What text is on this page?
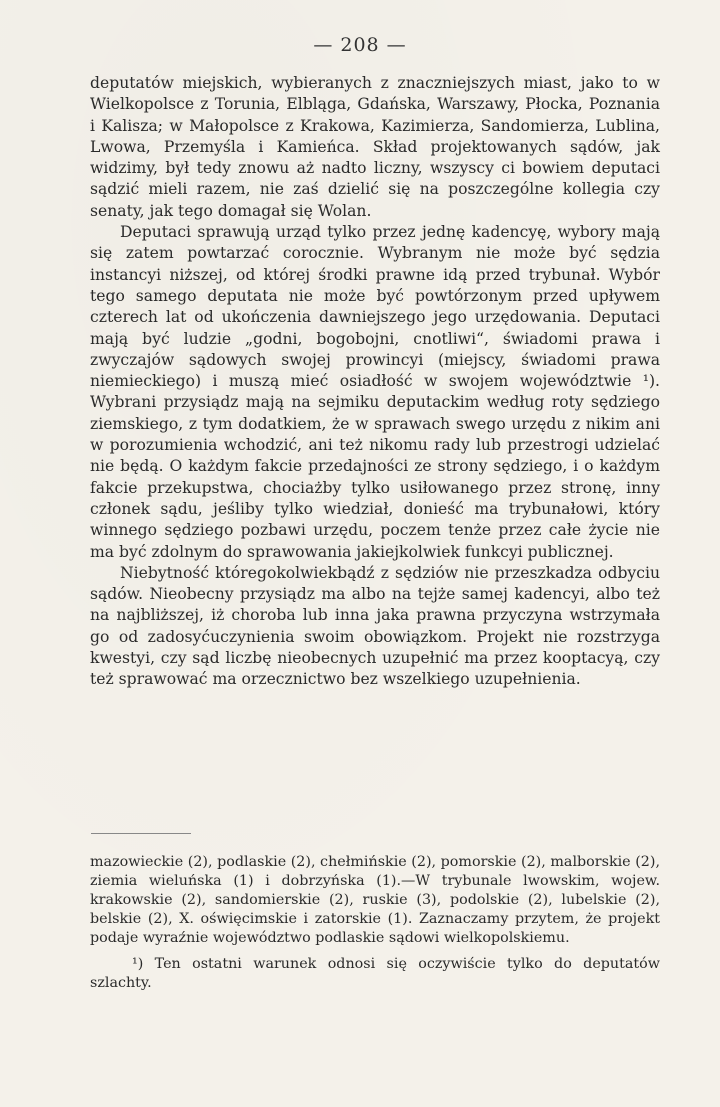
— 208 —

deputatów miejskich, wybieranych z znaczniejszych miast, jako to w Wielkopolsce z Torunia, Elbląga, Gdańska, Warszawy, Płocka, Poznania i Kalisza; w Małopolsce z Krakowa, Kazimierza, Sandomierza, Lublina, Lwowa, Przemyśla i Kamieńca. Skład projektowanych sądów, jak widzimy, był tedy znowu aż nadto liczny, wszyscy ci bowiem deputaci sądzić mieli razem, nie zaś dzielić się na poszczególne kollegia czy senaty, jak tego domagał się Wolan.

Deputaci sprawują urząd tylko przez jednę kadencyę, wybory mają się zatem powtarzać corocznie. Wybranym nie może być sędzia instancyi niższej, od której środki prawne idą przed trybunał. Wybór tego samego deputata nie może być powtórzonym przed upływem czterech lat od ukończenia dawniejszego jego urzędowania. Deputaci mają być ludzie „godni, bogobojni, cnotliwi“, świadomi prawa i zwyczajów sądowych swojej prowincyi (miejscy, świadomi prawa niemieckiego) i muszą mieć osiadłość w swojem województwie ¹). Wybrani przysiądz mają na sejmiku deputackim według roty sędziego ziemskiego, z tym dodatkiem, że w sprawach swego urzędu z nikim ani w porozumienia wchodzić, ani też nikomu rady lub przestrogi udzielać nie będą. O każdym fakcie przedajności ze strony sędziego, i o każdym fakcie przekupstwa, chociażby tylko usiłowanego przez stronę, inny członek sądu, jeśliby tylko wiedział, donieść ma trybunałowi, który winnego sędziego pozbawi urzędu, poczem tenże przez całe życie nie ma być zdolnym do sprawowania jakiejkolwiek funkcyi publicznej.

Niebytność któregokolwiekbądź z sędziów nie przeszkadza odbyciu sądów. Nieobecny przysiądz ma albo na tejże samej kadencyi, albo też na najbliższej, iż choroba lub inna jaka prawna przyczyna wstrzymała go od zadosyćuczynienia swoim obowiązkom. Projekt nie rozstrzyga kwestyi, czy sąd liczbę nieobecnych uzupełnić ma przez kooptacyą, czy też sprawować ma orzecznictwo bez wszelkiego uzupełnienia.

mazowieckie (2), podlaskie (2), chełmińskie (2), pomorskie (2), malborskie (2), ziemia wieluńska (1) i dobrzyńska (1).—W trybunale lwowskim, wojew. krakowskie (2), sandomierskie (2), ruskie (3), podolskie (2), lubelskie (2), belskie (2), X. oświęcimskie i zatorskie (1). Zaznaczamy przytem, że projekt podaje wyraźnie województwo podlaskie sądowi wielkopolskiemu.

¹) Ten ostatni warunek odnosi się oczywiście tylko do deputatów szlachty.
